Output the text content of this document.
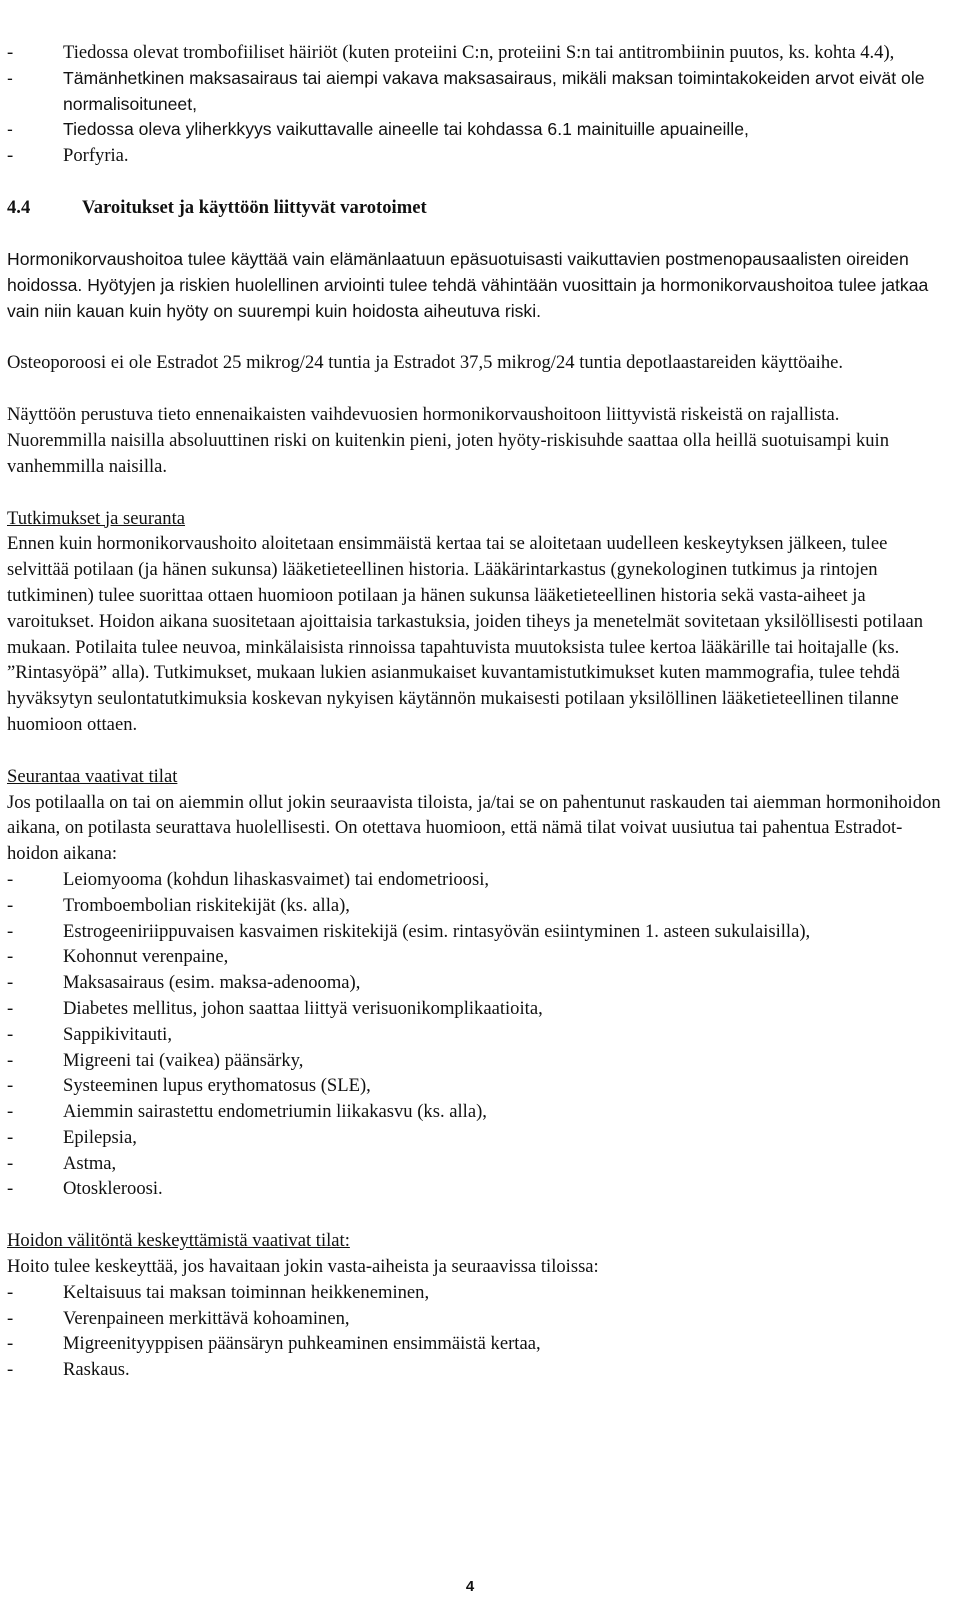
-	Tiedossa olevat trombofiiliset häiriöt (kuten proteiini C:n, proteiini S:n tai antitrombiinin puutos, ks. kohta 4.4),
-	Tämänhetkinen maksasairaus tai aiempi vakava maksasairaus, mikäli maksan toimintakokeiden arvot eivät ole normalisoituneet,
-	Tiedossa oleva yliherkkyys vaikuttavalle aineelle tai kohdassa 6.1 mainituille apuaineille,
-	Porfyria.
4.4	Varoitukset ja käyttöön liittyvät varotoimet

Hormonikorvaushoitoa tulee käyttää vain elämänlaatuun epäsuotuisasti vaikuttavien postmenopausaalisten oireiden hoidossa. Hyötyjen ja riskien huolellinen arviointi tulee tehdä vähintään vuosittain ja hormonikorvaushoitoa tulee jatkaa vain niin kauan kuin hyöty on suurempi kuin hoidosta aiheutuva riski.

Osteoporoosi ei ole Estradot 25 mikrog/24 tuntia ja Estradot 37,5 mikrog/24 tuntia depotlaastareiden käyttöaihe.

Näyttöön perustuva tieto ennenaikaisten vaihdevuosien hormonikorvaushoitoon liittyvistä riskeistä on rajallista. Nuoremmilla naisilla absoluuttinen riski on kuitenkin pieni, joten hyöty-riskisuhde saattaa olla heillä suotuisampi kuin vanhemmilla naisilla.

Tutkimukset ja seuranta

Ennen kuin hormonikorvaushoito aloitetaan ensimmäistä kertaa tai se aloitetaan uudelleen keskeytyksen jälkeen, tulee selvittää potilaan (ja hänen sukunsa) lääketieteellinen historia. Lääkärintarkastus (gynekologinen tutkimus ja rintojen tutkiminen) tulee suorittaa ottaen huomioon potilaan ja hänen sukunsa lääketieteellinen historia sekä vasta-aiheet ja varoitukset. Hoidon aikana suositetaan ajoittaisia tarkastuksia, joiden tiheys ja menetelmät sovitetaan yksilöllisesti potilaan mukaan. Potilaita tulee neuvoa, minkälaisista rinnoissa tapahtuvista muutoksista tulee kertoa lääkärille tai hoitajalle (ks. ”Rintasyöpä” alla). Tutkimukset, mukaan lukien asianmukaiset kuvantamistutkimukset kuten mammografia, tulee tehdä hyväksytyn seulontatutkimuksia koskevan nykyisen käytännön mukaisesti potilaan yksilöllinen lääketieteellinen tilanne huomioon ottaen.

Seurantaa vaativat tilat

Jos potilaalla on tai on aiemmin ollut jokin seuraavista tiloista, ja/tai se on pahentunut raskauden tai aiemman hormonihoidon aikana, on potilasta seurattava huolellisesti. On otettava huomioon, että nämä tilat voivat uusiutua tai pahentua Estradot-hoidon aikana:

-	Leiomyooma (kohdun lihaskasvaimet) tai endometrioosi,
-	Tromboembolian riskitekijät (ks. alla),
-	Estrogeeniriippuvaisen kasvaimen riskitekijä (esim. rintasyövän esiintyminen 1. asteen sukulaisilla),
-	Kohonnut verenpaine,
-	Maksasairaus (esim. maksa-adenooma),
-	Diabetes mellitus, johon saattaa liittyä verisuonikomplikaatioita,
-	Sappikivitauti,
-	Migreeni tai (vaikea) päänsärky,
-	Systeeminen lupus erythomatosus (SLE),
-	Aiemmin sairastettu endometriumin liikakasvu (ks. alla),
-	Epilepsia,
-	Astma,
-	Otoskleroosi.

Hoidon välitöntä keskeyttämistä vaativat tilat:

Hoito tulee keskeyttää, jos havaitaan jokin vasta-aiheista ja seuraavissa tiloissa:

-	Keltaisuus tai maksan toiminnan heikkeneminen,
-	Verenpaineen merkittävä kohoaminen,
-	Migreenityyppisen päänsäryn puhkeaminen ensimmäistä kertaa,
-	Raskaus.
4
